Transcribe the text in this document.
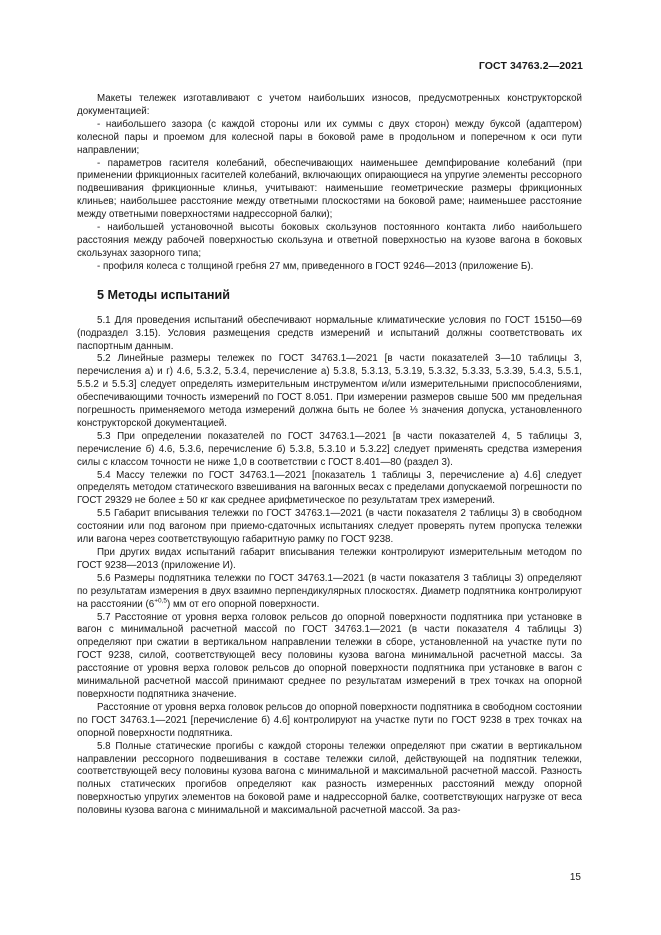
ГОСТ 34763.2—2021

Макеты тележек изготавливают с учетом наибольших износов, предусмотренных конструкторской документацией:

- наибольшего зазора (с каждой стороны или их суммы с двух сторон) между буксой (адаптером) колесной пары и проемом для колесной пары в боковой раме в продольном и поперечном к оси пути направлении;

- параметров гасителя колебаний, обеспечивающих наименьшее демпфирование колебаний (при применении фрикционных гасителей колебаний, включающих опирающиеся на упругие элементы рессорного подвешивания фрикционные клинья, учитывают: наименьшие геометрические размеры фрикционных клиньев; наибольшее расстояние между ответными плоскостями на боковой раме; наименьшее расстояние между ответными поверхностями надрессорной балки);

- наибольшей установочной высоты боковых скользунов постоянного контакта либо наибольшего расстояния между рабочей поверхностью скользуна и ответной поверхностью на кузове вагона в боковых скользунах зазорного типа;

- профиля колеса с толщиной гребня 27 мм, приведенного в ГОСТ 9246—2013 (приложение Б).

5 Методы испытаний

5.1 Для проведения испытаний обеспечивают нормальные климатические условия по ГОСТ 15150—69 (подраздел 3.15). Условия размещения средств измерений и испытаний должны соответствовать их паспортным данным.

5.2 Линейные размеры тележек по ГОСТ 34763.1—2021 [в части показателей 3—10 таблицы 3, перечисления а) и г) 4.6, 5.3.2, 5.3.4, перечисление а) 5.3.8, 5.3.13, 5.3.19, 5.3.32, 5.3.33, 5.3.39, 5.4.3, 5.5.1, 5.5.2 и 5.5.3] следует определять измерительным инструментом и/или измерительными приспособлениями, обеспечивающими точность измерений по ГОСТ 8.051. При измерении размеров свыше 500 мм предельная погрешность применяемого метода измерений должна быть не более ⅓ значения допуска, установленного конструкторской документацией.

5.3 При определении показателей по ГОСТ 34763.1—2021 [в части показателей 4, 5 таблицы 3, перечисление б) 4.6, 5.3.6, перечисление б) 5.3.8, 5.3.10 и 5.3.22] следует применять средства измерения силы с классом точности не ниже 1,0 в соответствии с ГОСТ 8.401—80 (раздел 3).

5.4 Массу тележки по ГОСТ 34763.1—2021 [показатель 1 таблицы 3, перечисление а) 4.6] следует определять методом статического взвешивания на вагонных весах с пределами допускаемой погрешности по ГОСТ 29329 не более ± 50 кг как среднее арифметическое по результатам трех измерений.

5.5 Габарит вписывания тележки по ГОСТ 34763.1—2021 (в части показателя 2 таблицы 3) в свободном состоянии или под вагоном при приемо-сдаточных испытаниях следует проверять путем пропуска тележки или вагона через соответствующую габаритную рамку по ГОСТ 9238.

При других видах испытаний габарит вписывания тележки контролируют измерительным методом по ГОСТ 9238—2013 (приложение И).

5.6 Размеры подпятника тележки по ГОСТ 34763.1—2021 (в части показателя 3 таблицы 3) определяют по результатам измерения в двух взаимно перпендикулярных плоскостях. Диаметр подпятника контролируют на расстоянии $(6^{+0,5})$ мм от его опорной поверхности.

5.7 Расстояние от уровня верха головок рельсов до опорной поверхности подпятника при установке в вагон с минимальной расчетной массой по ГОСТ 34763.1—2021 (в части показателя 4 таблицы 3) определяют при сжатии в вертикальном направлении тележки в сборе, установленной на участке пути по ГОСТ 9238, силой, соответствующей весу половины кузова вагона минимальной расчетной массы. За расстояние от уровня верха головок рельсов до опорной поверхности подпятника при установке в вагон с минимальной расчетной массой принимают среднее по результатам измерений в трех точках на опорной поверхности подпятника значение.

Расстояние от уровня верха головок рельсов до опорной поверхности подпятника в свободном состоянии по ГОСТ 34763.1—2021 [перечисление б) 4.6] контролируют на участке пути по ГОСТ 9238 в трех точках на опорной поверхности подпятника.

5.8 Полные статические прогибы с каждой стороны тележки определяют при сжатии в вертикальном направлении рессорного подвешивания в составе тележки силой, действующей на подпятник тележки, соответствующей весу половины кузова вагона с минимальной и максимальной расчетной массой. Разность полных статических прогибов определяют как разность измеренных расстояний между опорной поверхностью упругих элементов на боковой раме и надрессорной балке, соответствующих нагрузке от веса половины кузова вагона с минимальной и максимальной расчетной массой. За раз-

15
